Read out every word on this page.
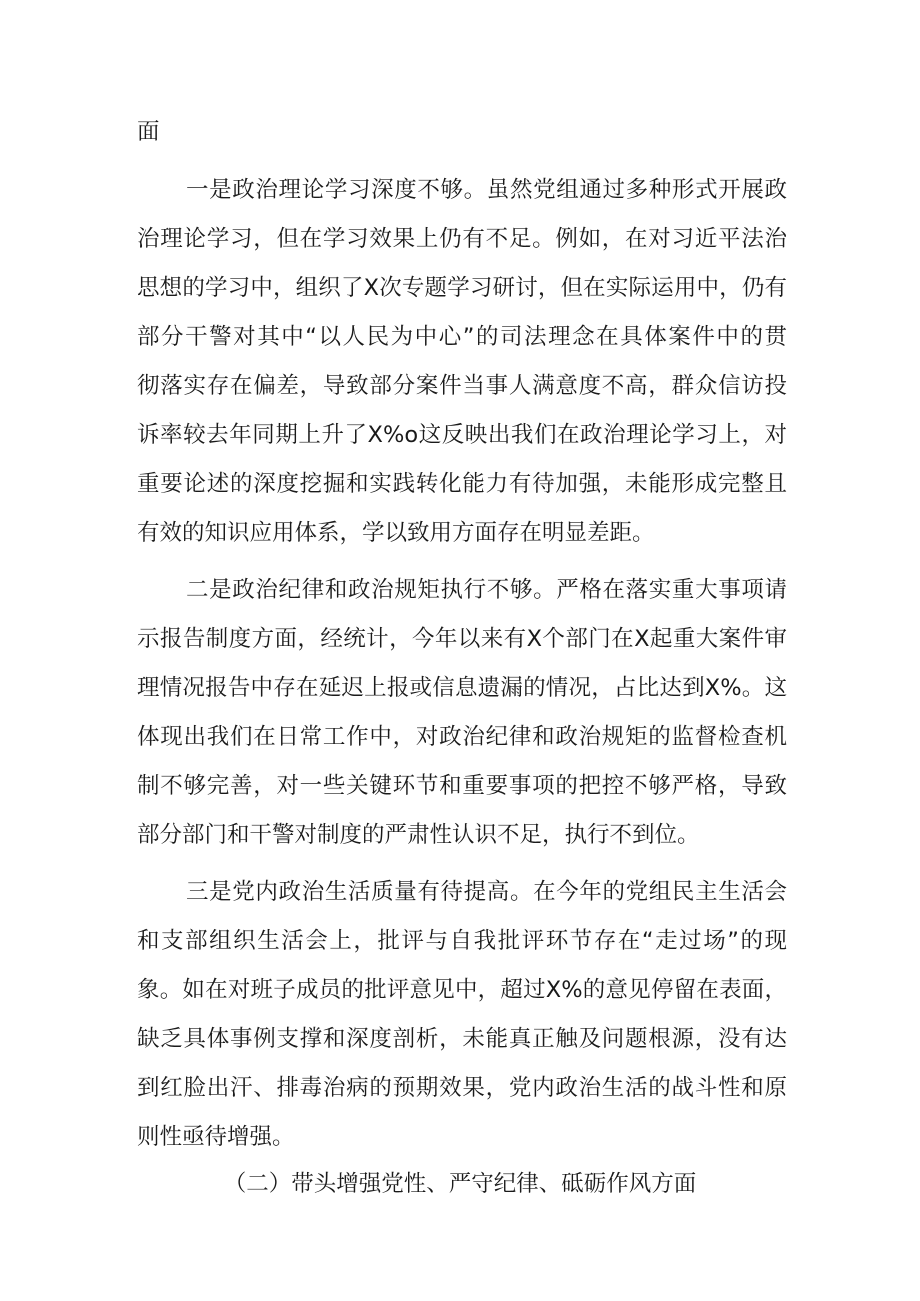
面
一是政治理论学习深度不够。虽然党组通过多种形式开展政
治理论学习，但在学习效果上仍有不足。例如，在对习近平法治
思想的学习中，组织了X次专题学习研讨，但在实际运用中，仍有
部分干警对其中“以人民为中心”的司法理念在具体案件中的贯
彻落实存在偏差，导致部分案件当事人满意度不高，群众信访投
诉率较去年同期上升了X%o这反映出我们在政治理论学习上，对
重要论述的深度挖掘和实践转化能力有待加强，未能形成完整且
有效的知识应用体系，学以致用方面存在明显差距。
二是政治纪律和政治规矩执行不够。严格在落实重大事项请
示报告制度方面，经统计，今年以来有X个部门在X起重大案件审
理情况报告中存在延迟上报或信息遗漏的情况，占比达到X%。这
体现出我们在日常工作中，对政治纪律和政治规矩的监督检查机
制不够完善，对一些关键环节和重要事项的把控不够严格，导致
部分部门和干警对制度的严肃性认识不足，执行不到位。
三是党内政治生活质量有待提高。在今年的党组民主生活会
和支部组织生活会上，批评与自我批评环节存在“走过场”的现
象。如在对班子成员的批评意见中，超过X%的意见停留在表面，
缺乏具体事例支撑和深度剖析，未能真正触及问题根源，没有达
到红脸出汗、排毒治病的预期效果，党内政治生活的战斗性和原
则性亟待增强。
（二）带头增强党性、严守纪律、砥砺作风方面
